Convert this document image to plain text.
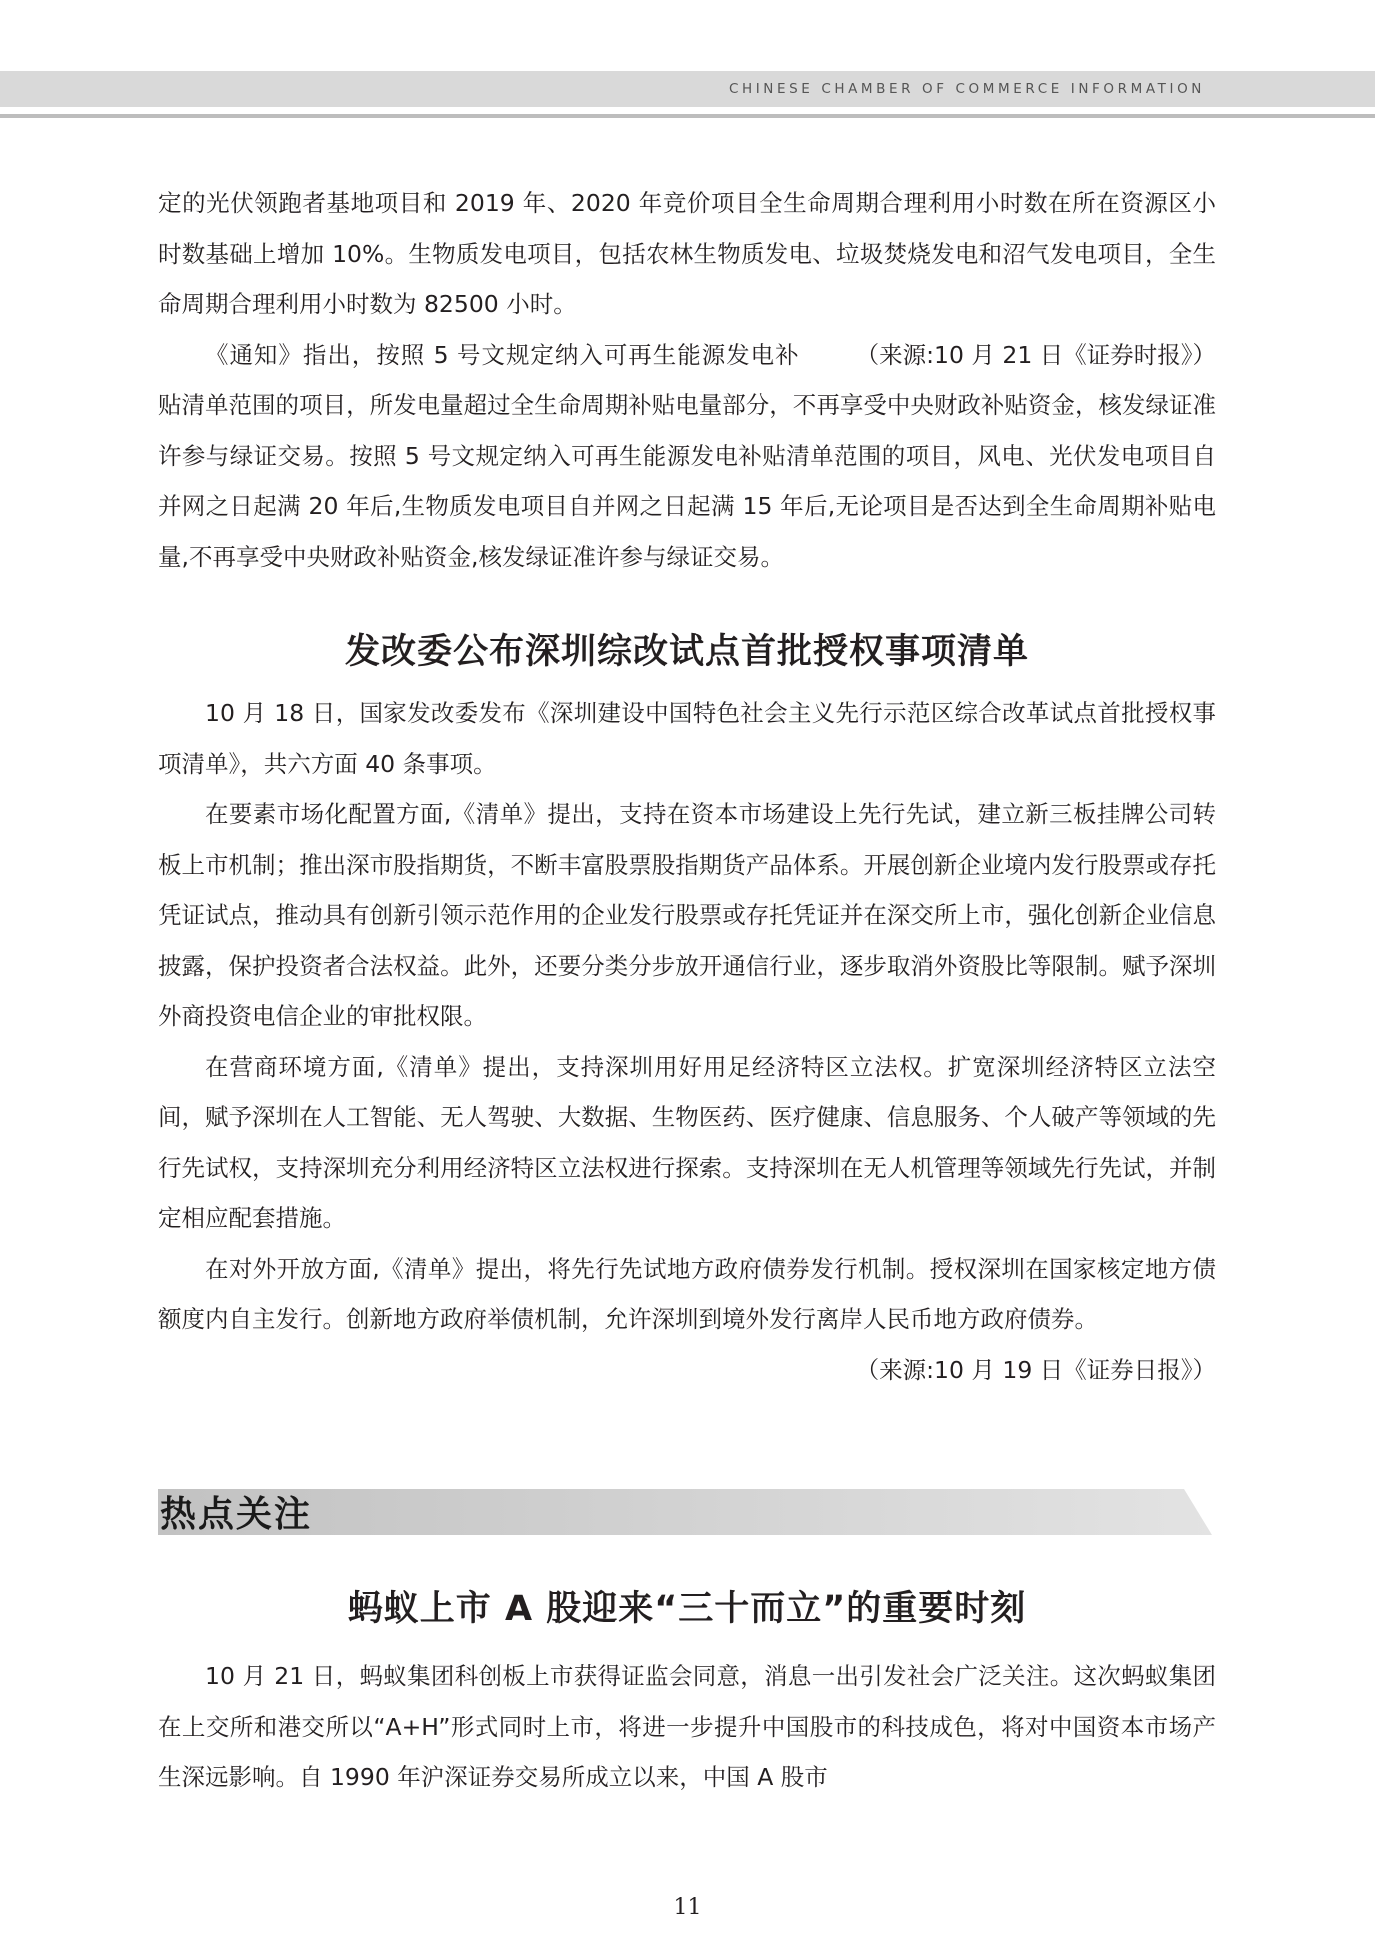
CHINESE CHAMBER OF COMMERCE INFORMATION

定的光伏领跑者基地项目和 2019 年、2020 年竞价项目全生命周期合理利用小时数在所在资源区小时数基础上增加 10%。生物质发电项目，包括农林生物质发电、垃圾焚烧发电和沼气发电项目，全生命周期合理利用小时数为 82500 小时。

（来源:10 月 21 日《证券时报》）
《通知》指出，按照 5 号文规定纳入可再生能源发电补贴清单范围的项目，所发电量超过全生命周期补贴电量部分，不再享受中央财政补贴资金，核发绿证准许参与绿证交易。按照 5 号文规定纳入可再生能源发电补贴清单范围的项目，风电、光伏发电项目自并网之日起满 20 年后,生物质发电项目自并网之日起满 15 年后,无论项目是否达到全生命周期补贴电量,不再享受中央财政补贴资金,核发绿证准许参与绿证交易。

发改委公布深圳综改试点首批授权事项清单

10 月 18 日，国家发改委发布《深圳建设中国特色社会主义先行示范区综合改革试点首批授权事项清单》，共六方面 40 条事项。

在要素市场化配置方面,《清单》提出，支持在资本市场建设上先行先试，建立新三板挂牌公司转板上市机制；推出深市股指期货，不断丰富股票股指期货产品体系。开展创新企业境内发行股票或存托凭证试点，推动具有创新引领示范作用的企业发行股票或存托凭证并在深交所上市，强化创新企业信息披露，保护投资者合法权益。此外，还要分类分步放开通信行业，逐步取消外资股比等限制。赋予深圳外商投资电信企业的审批权限。

在营商环境方面,《清单》提出，支持深圳用好用足经济特区立法权。扩宽深圳经济特区立法空间，赋予深圳在人工智能、无人驾驶、大数据、生物医药、医疗健康、信息服务、个人破产等领域的先行先试权，支持深圳充分利用经济特区立法权进行探索。支持深圳在无人机管理等领域先行先试，并制定相应配套措施。

在对外开放方面,《清单》提出，将先行先试地方政府债券发行机制。授权深圳在国家核定地方债额度内自主发行。创新地方政府举债机制，允许深圳到境外发行离岸人民币地方政府债券。

（来源:10 月 19 日《证券日报》）

热点关注
蚂蚁上市 A 股迎来“三十而立”的重要时刻

10 月 21 日，蚂蚁集团科创板上市获得证监会同意，消息一出引发社会广泛关注。这次蚂蚁集团在上交所和港交所以“A+H”形式同时上市，将进一步提升中国股市的科技成色，将对中国资本市场产生深远影响。自 1990 年沪深证券交易所成立以来，中国 A 股市

11
